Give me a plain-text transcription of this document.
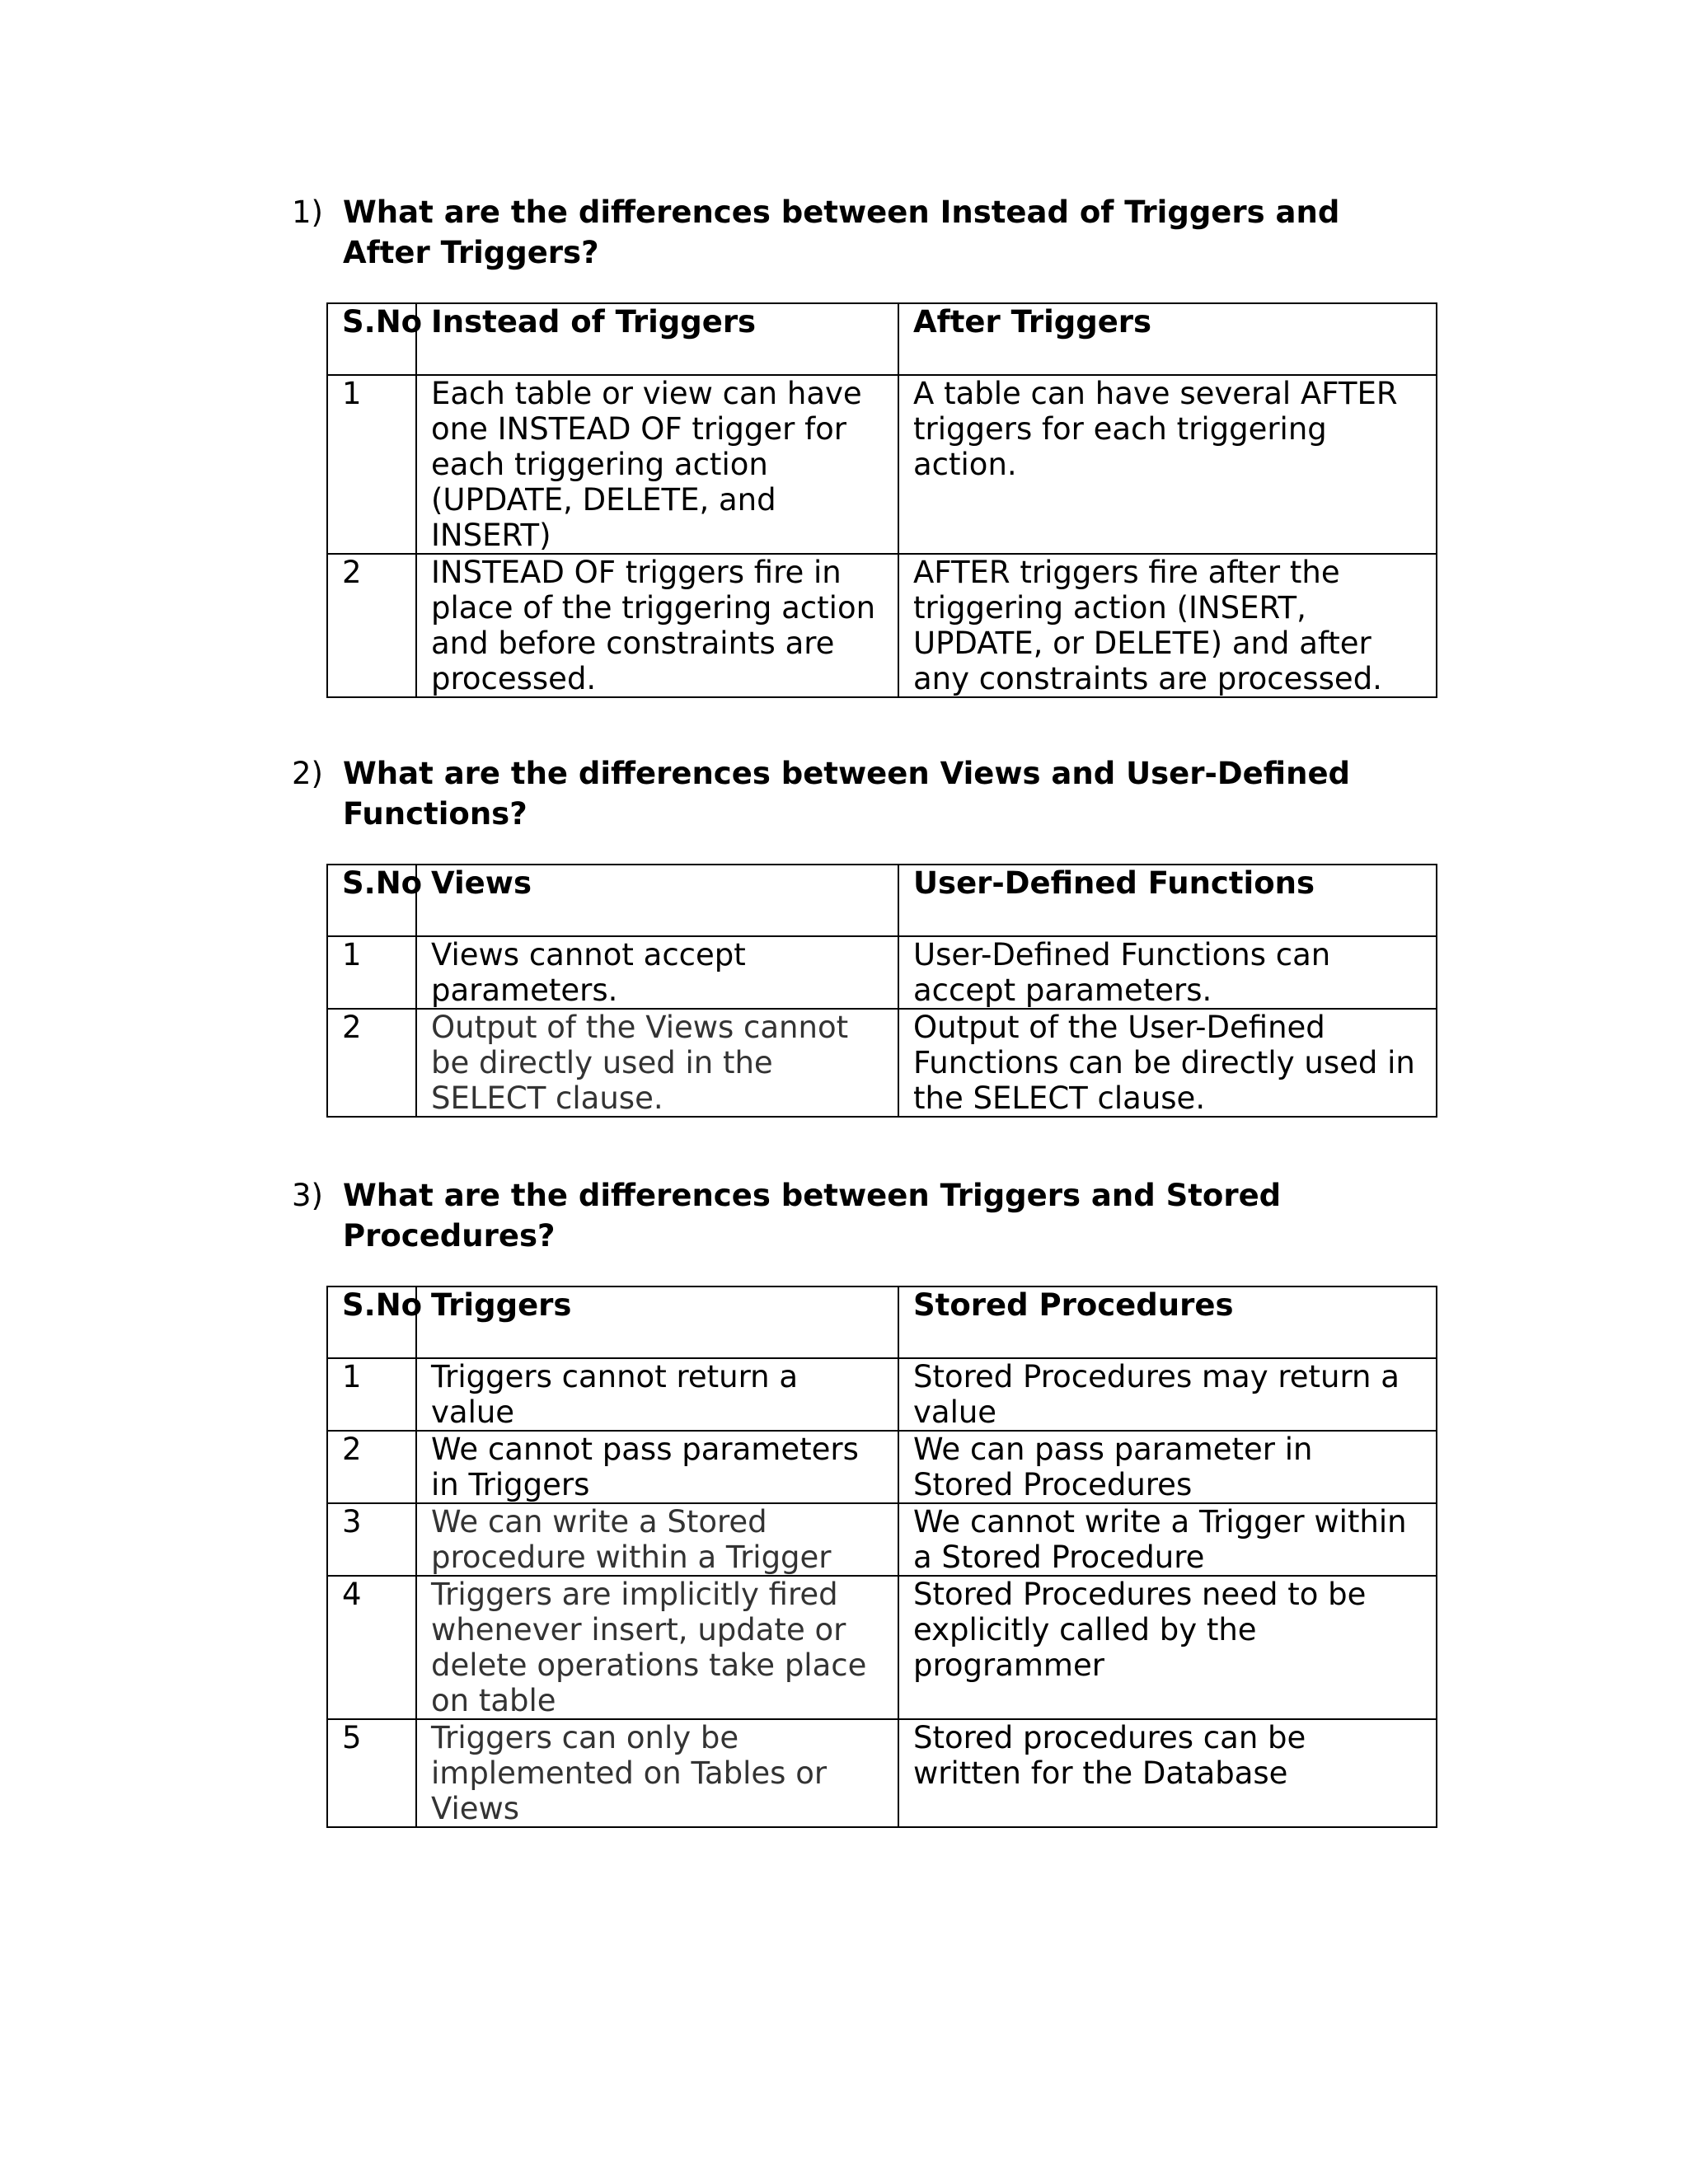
1) What are the differences between Instead of Triggers and After Triggers?
S.No	Instead of Triggers	After Triggers
1	Each table or view can have one INSTEAD OF trigger for each triggering action (UPDATE, DELETE, and INSERT)	A table can have several AFTER triggers for each triggering action.
2	INSTEAD OF triggers fire in place of the triggering action and before constraints are processed.	AFTER triggers fire after the triggering action (INSERT, UPDATE, or DELETE) and after any constraints are processed.
2) What are the differences between Views and User-Defined Functions?
S.No	Views	User-Defined Functions
1	Views cannot accept parameters.	User-Defined Functions can accept parameters.
2	Output of the Views cannot be directly used in the SELECT clause.	Output of the User-Defined Functions can be directly used in the SELECT clause.
3) What are the differences between Triggers and Stored Procedures?
S.No	Triggers	Stored Procedures
1	Triggers cannot return a value	Stored Procedures may return a value
2	We cannot pass parameters in Triggers	We can pass parameter in Stored Procedures
3	We can write a Stored procedure within a Trigger	We cannot write a Trigger within a Stored Procedure
4	Triggers are implicitly fired whenever insert, update or delete operations take place on table	Stored Procedures need to be explicitly called by the programmer
5	Triggers can only be implemented on Tables or Views	Stored procedures can be written for the Database
